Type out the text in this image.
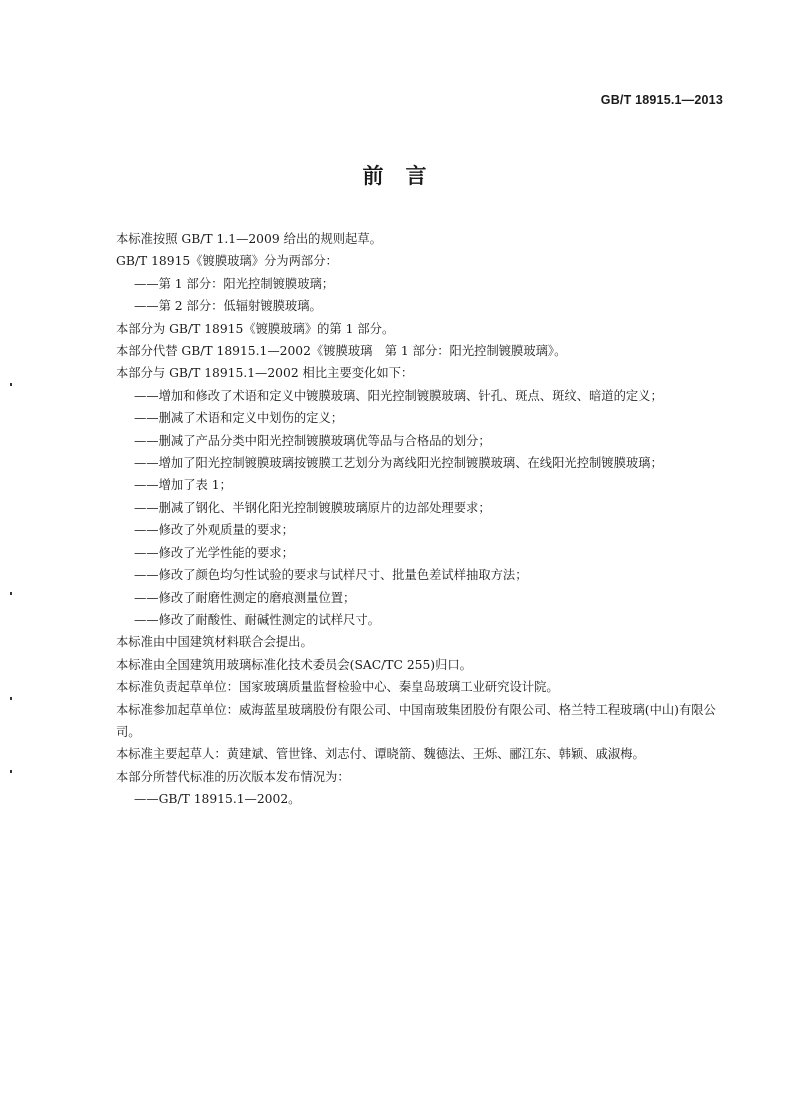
GB/T 18915.1—2013
前言

本标准按照 GB/T 1.1—2009 给出的规则起草。

GB/T 18915《镀膜玻璃》分为两部分：

——第 1 部分：阳光控制镀膜玻璃；

——第 2 部分：低辐射镀膜玻璃。

本部分为 GB/T 18915《镀膜玻璃》的第 1 部分。

本部分代替 GB/T 18915.1—2002《镀膜玻璃　第 1 部分：阳光控制镀膜玻璃》。

本部分与 GB/T 18915.1—2002 相比主要变化如下：

——增加和修改了术语和定义中镀膜玻璃、阳光控制镀膜玻璃、针孔、斑点、斑纹、暗道的定义；

——删减了术语和定义中划伤的定义；

——删减了产品分类中阳光控制镀膜玻璃优等品与合格品的划分；

——增加了阳光控制镀膜玻璃按镀膜工艺划分为离线阳光控制镀膜玻璃、在线阳光控制镀膜玻璃；

——增加了表 1；

——删减了钢化、半钢化阳光控制镀膜玻璃原片的边部处理要求；

——修改了外观质量的要求；

——修改了光学性能的要求；

——修改了颜色均匀性试验的要求与试样尺寸、批量色差试样抽取方法；

——修改了耐磨性测定的磨痕测量位置；

——修改了耐酸性、耐碱性测定的试样尺寸。

本标准由中国建筑材料联合会提出。

本标准由全国建筑用玻璃标准化技术委员会(SAC/TC 255)归口。

本标准负责起草单位：国家玻璃质量监督检验中心、秦皇岛玻璃工业研究设计院。

本标准参加起草单位：威海蓝星玻璃股份有限公司、中国南玻集团股份有限公司、格兰特工程玻璃(中山)有限公司。

本标准主要起草人：黄建斌、管世锋、刘志付、谭晓箭、魏德法、王烁、郦江东、韩颖、戚淑梅。

本部分所替代标准的历次版本发布情况为：

——GB/T 18915.1—2002。
